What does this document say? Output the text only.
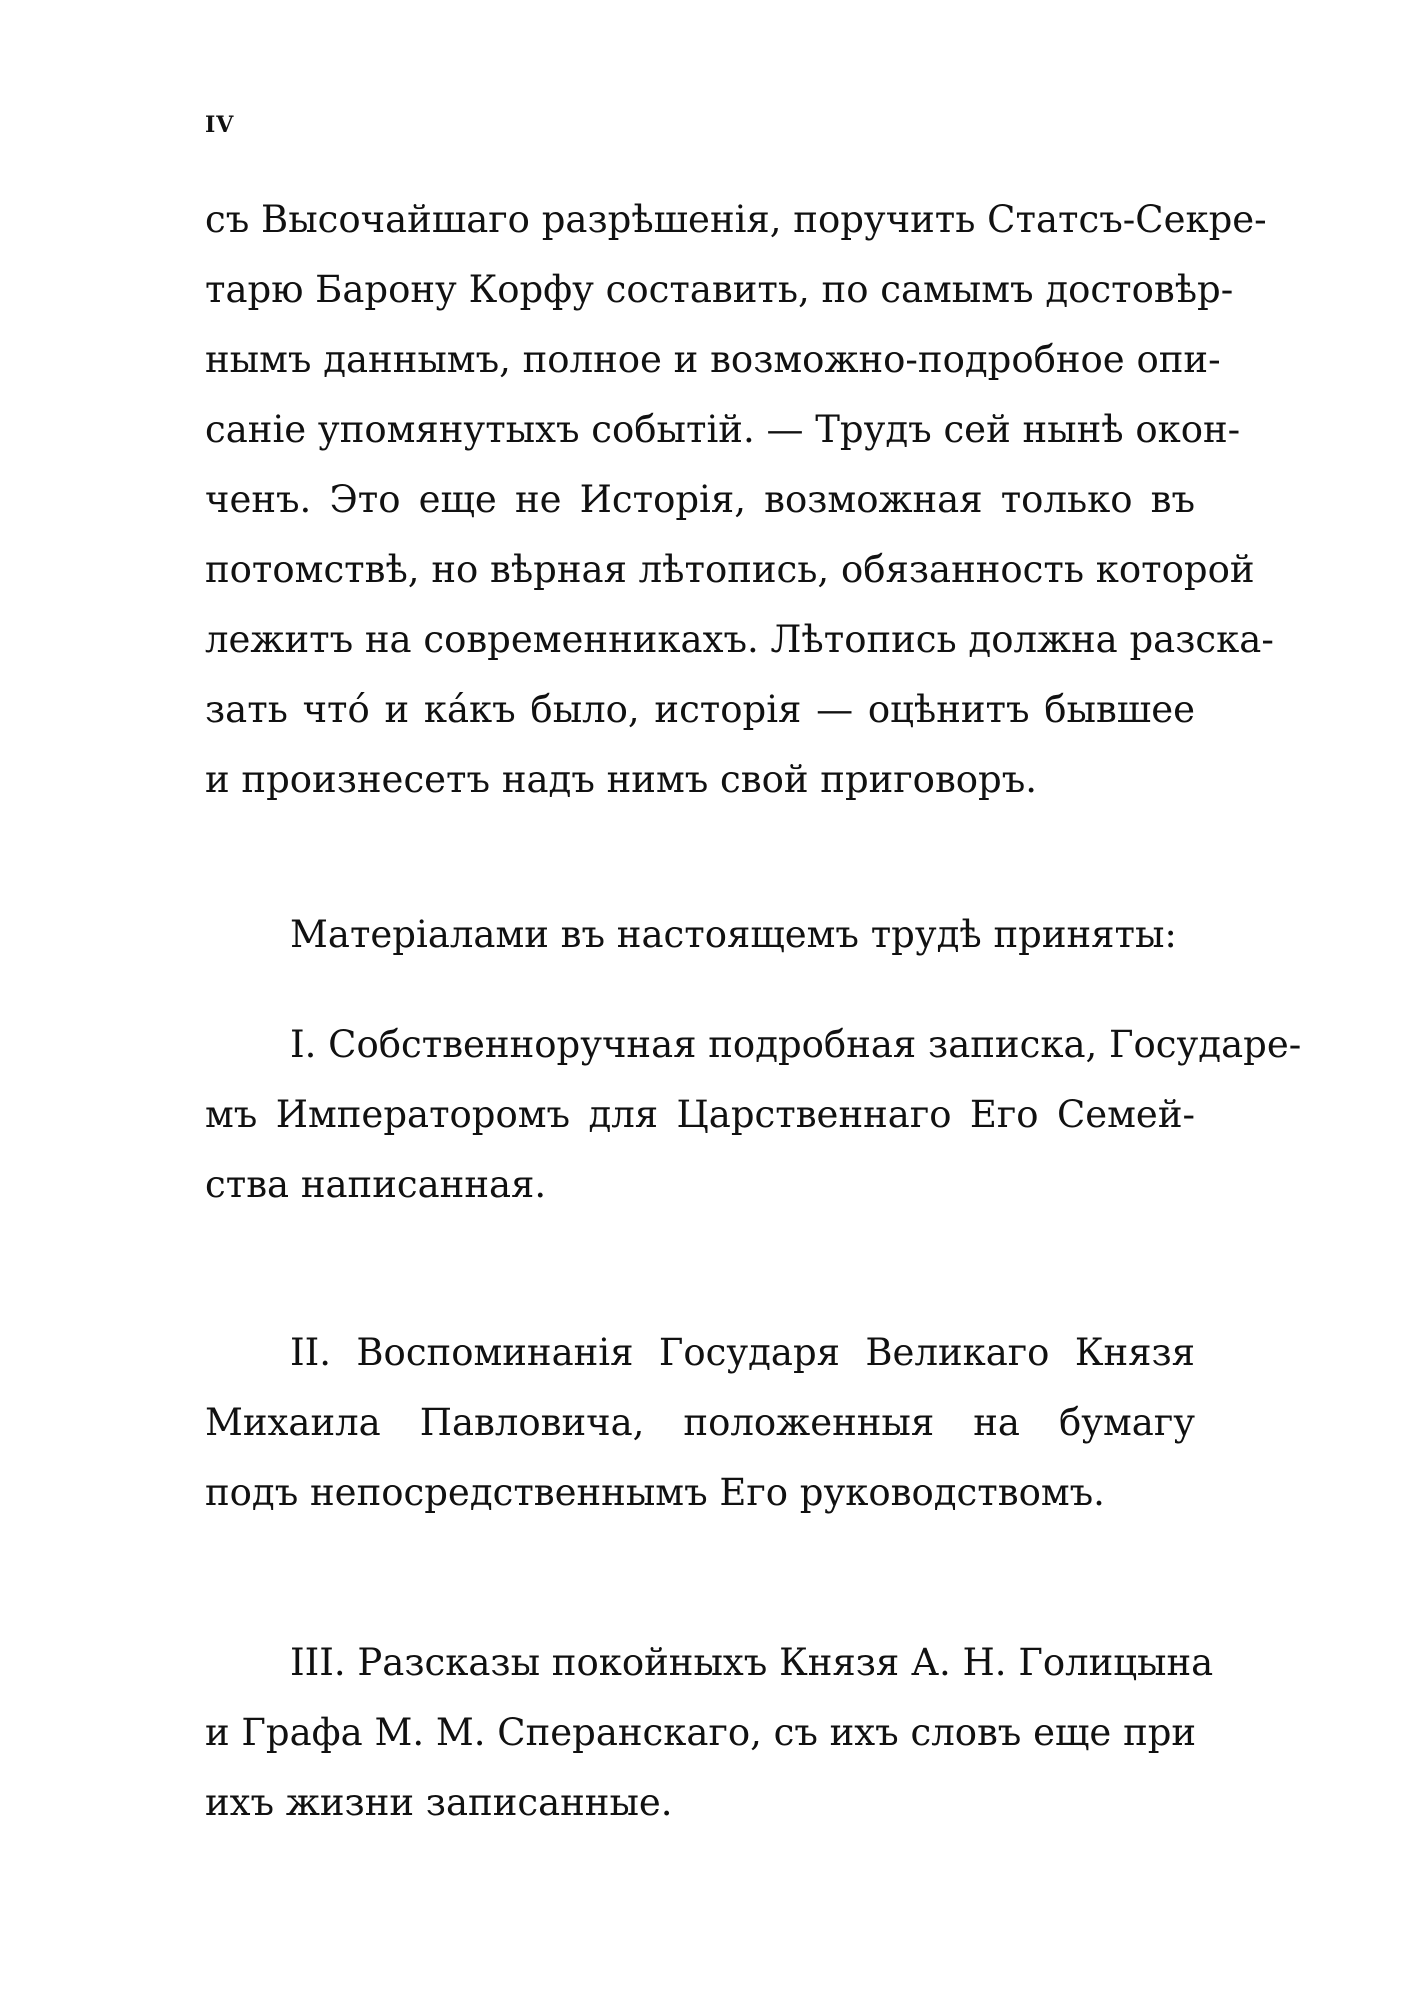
IV
съ Высочайшаго разрѣшенія, поручить Статсъ-Секре-
тарю Барону Корфу составить, по самымъ достовѣр-
нымъ даннымъ, полное и возможно-подробное опи-
саніе упомянутыхъ событій. — Трудъ сей нынѣ окон-
ченъ. Это еще не Исторія, возможная только въ
потомствѣ, но вѣрная лѣтопись, обязанность которой
лежитъ на современникахъ. Лѣтопись должна разска-
зать что́ и ка́къ было, исторія — оцѣнитъ бывшее
и произнесетъ надъ нимъ свой приговоръ.
Матеріалами въ настоящемъ трудѣ приняты:
I. Собственноручная подробная записка, Государе-
мъ Императоромъ для Царственнаго Его Семей-
ства написанная.
II. Воспоминанія Государя Великаго Князя
Михаила Павловича, положенныя на бумагу
подъ непосредственнымъ Его руководствомъ.
III. Разсказы покойныхъ Князя А. Н. Голицына
и Графа М. М. Сперанскаго, съ ихъ словъ еще при
ихъ жизни записанные.
